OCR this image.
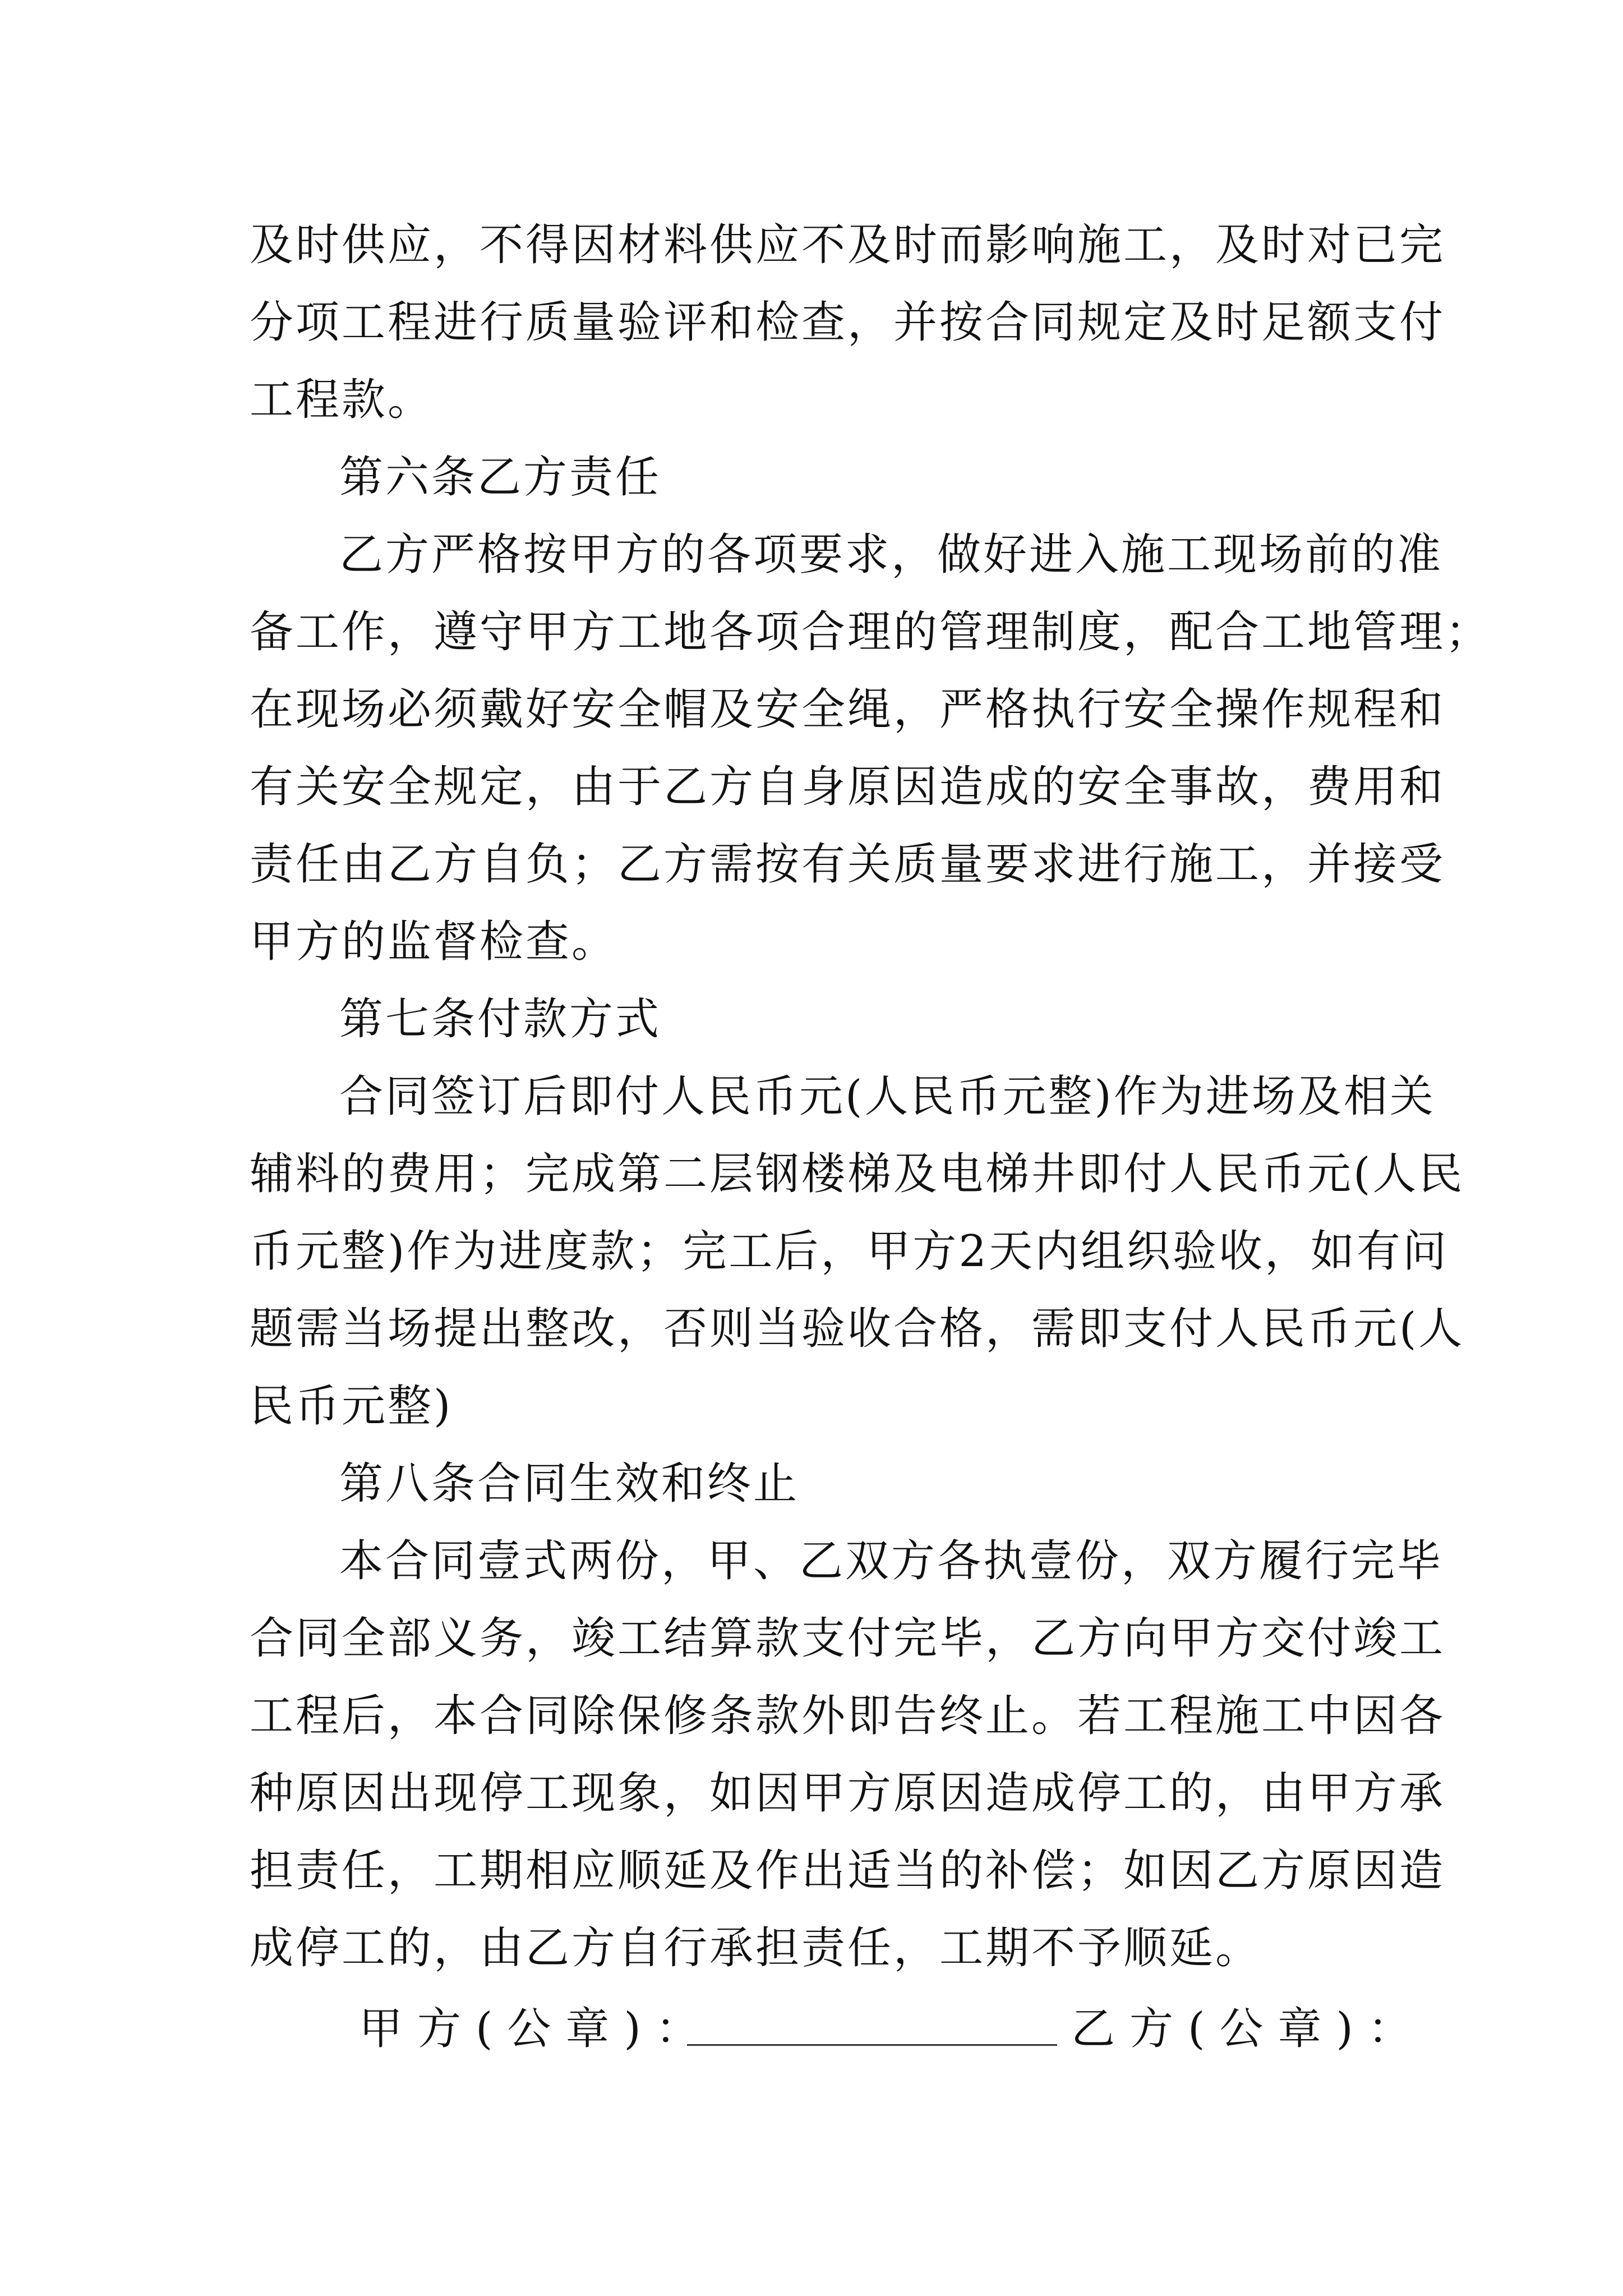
及时供应，不得因材料供应不及时而影响施工，及时对已完
分项工程进行质量验评和检查，并按合同规定及时足额支付
工程款。
第六条乙方责任
乙方严格按甲方的各项要求，做好进入施工现场前的准
备工作，遵守甲方工地各项合理的管理制度，配合工地管理；
在现场必须戴好安全帽及安全绳，严格执行安全操作规程和
有关安全规定，由于乙方自身原因造成的安全事故，费用和
责任由乙方自负；乙方需按有关质量要求进行施工，并接受
甲方的监督检查。
第七条付款方式
合同签订后即付人民币元(人民币元整)作为进场及相关
辅料的费用；完成第二层钢楼梯及电梯井即付人民币元(人民
币元整)作为进度款；完工后，甲方2天内组织验收，如有问
题需当场提出整改，否则当验收合格，需即支付人民币元(人
民币元整)
第八条合同生效和终止
本合同壹式两份，甲、乙双方各执壹份，双方履行完毕
合同全部义务，竣工结算款支付完毕，乙方向甲方交付竣工
工程后，本合同除保修条款外即告终止。若工程施工中因各
种原因出现停工现象，如因甲方原因造成停工的，由甲方承
担责任，工期相应顺延及作出适当的补偿；如因乙方原因造
成停工的，由乙方自行承担责任，工期不予顺延。
甲方(公章)：	乙方(公章)：
